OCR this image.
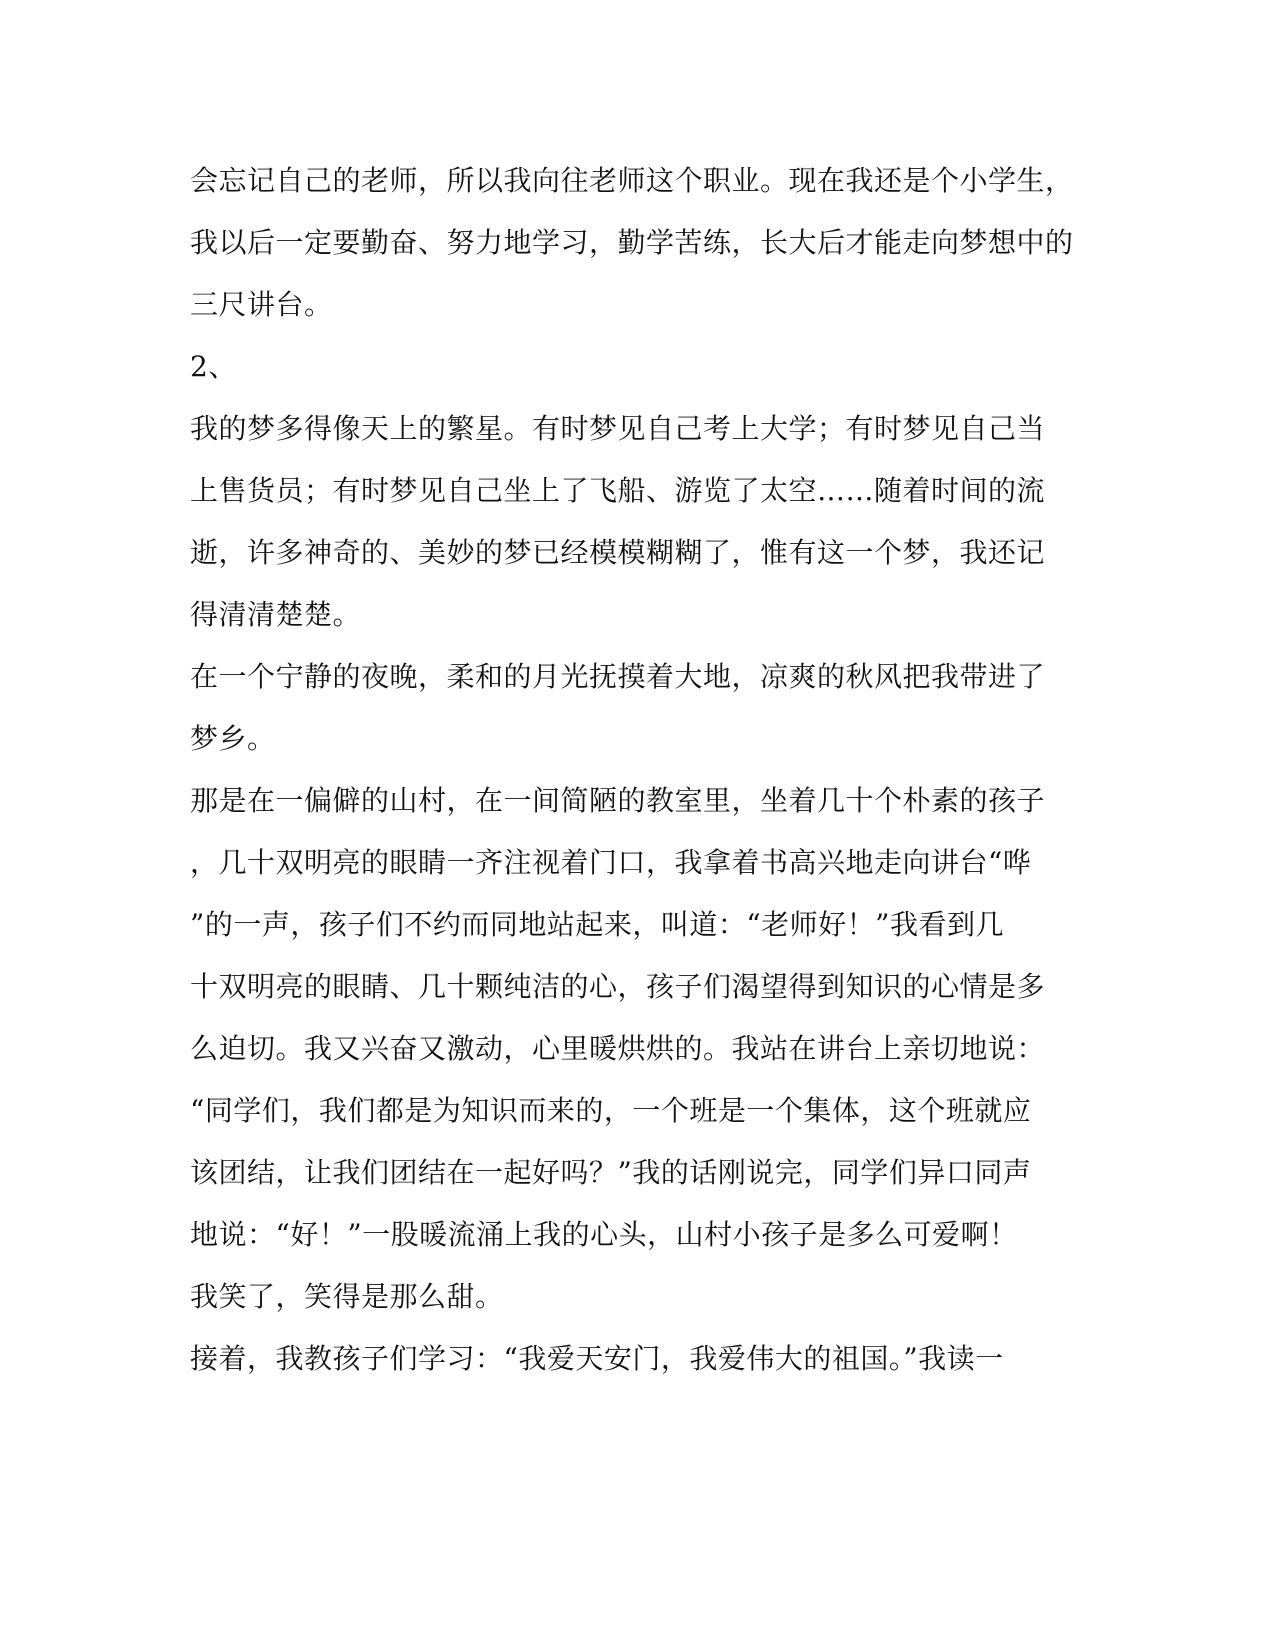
会忘记自己的老师，所以我向往老师这个职业。现在我还是个小学生，
我以后一定要勤奋、努力地学习，勤学苦练，长大后才能走向梦想中的
三尺讲台。
2、
我的梦多得像天上的繁星。有时梦见自己考上大学；有时梦见自己当
上售货员；有时梦见自己坐上了飞船、游览了太空……随着时间的流
逝，许多神奇的、美妙的梦已经模模糊糊了，惟有这一个梦，我还记
得清清楚楚。
在一个宁静的夜晚，柔和的月光抚摸着大地，凉爽的秋风把我带进了
梦乡。
那是在一偏僻的山村，在一间简陋的教室里，坐着几十个朴素的孩子
，几十双明亮的眼睛一齐注视着门口，我拿着书高兴地走向讲台“哗
”的一声，孩子们不约而同地站起来，叫道：“老师好！”我看到几
十双明亮的眼睛、几十颗纯洁的心，孩子们渴望得到知识的心情是多
么迫切。我又兴奋又激动，心里暖烘烘的。我站在讲台上亲切地说：
“同学们，我们都是为知识而来的，一个班是一个集体，这个班就应
该团结，让我们团结在一起好吗？”我的话刚说完，同学们异口同声
地说：“好！”一股暖流涌上我的心头，山村小孩子是多么可爱啊！
我笑了，笑得是那么甜。
接着，我教孩子们学习：“我爱天安门，我爱伟大的祖国。”我读一
